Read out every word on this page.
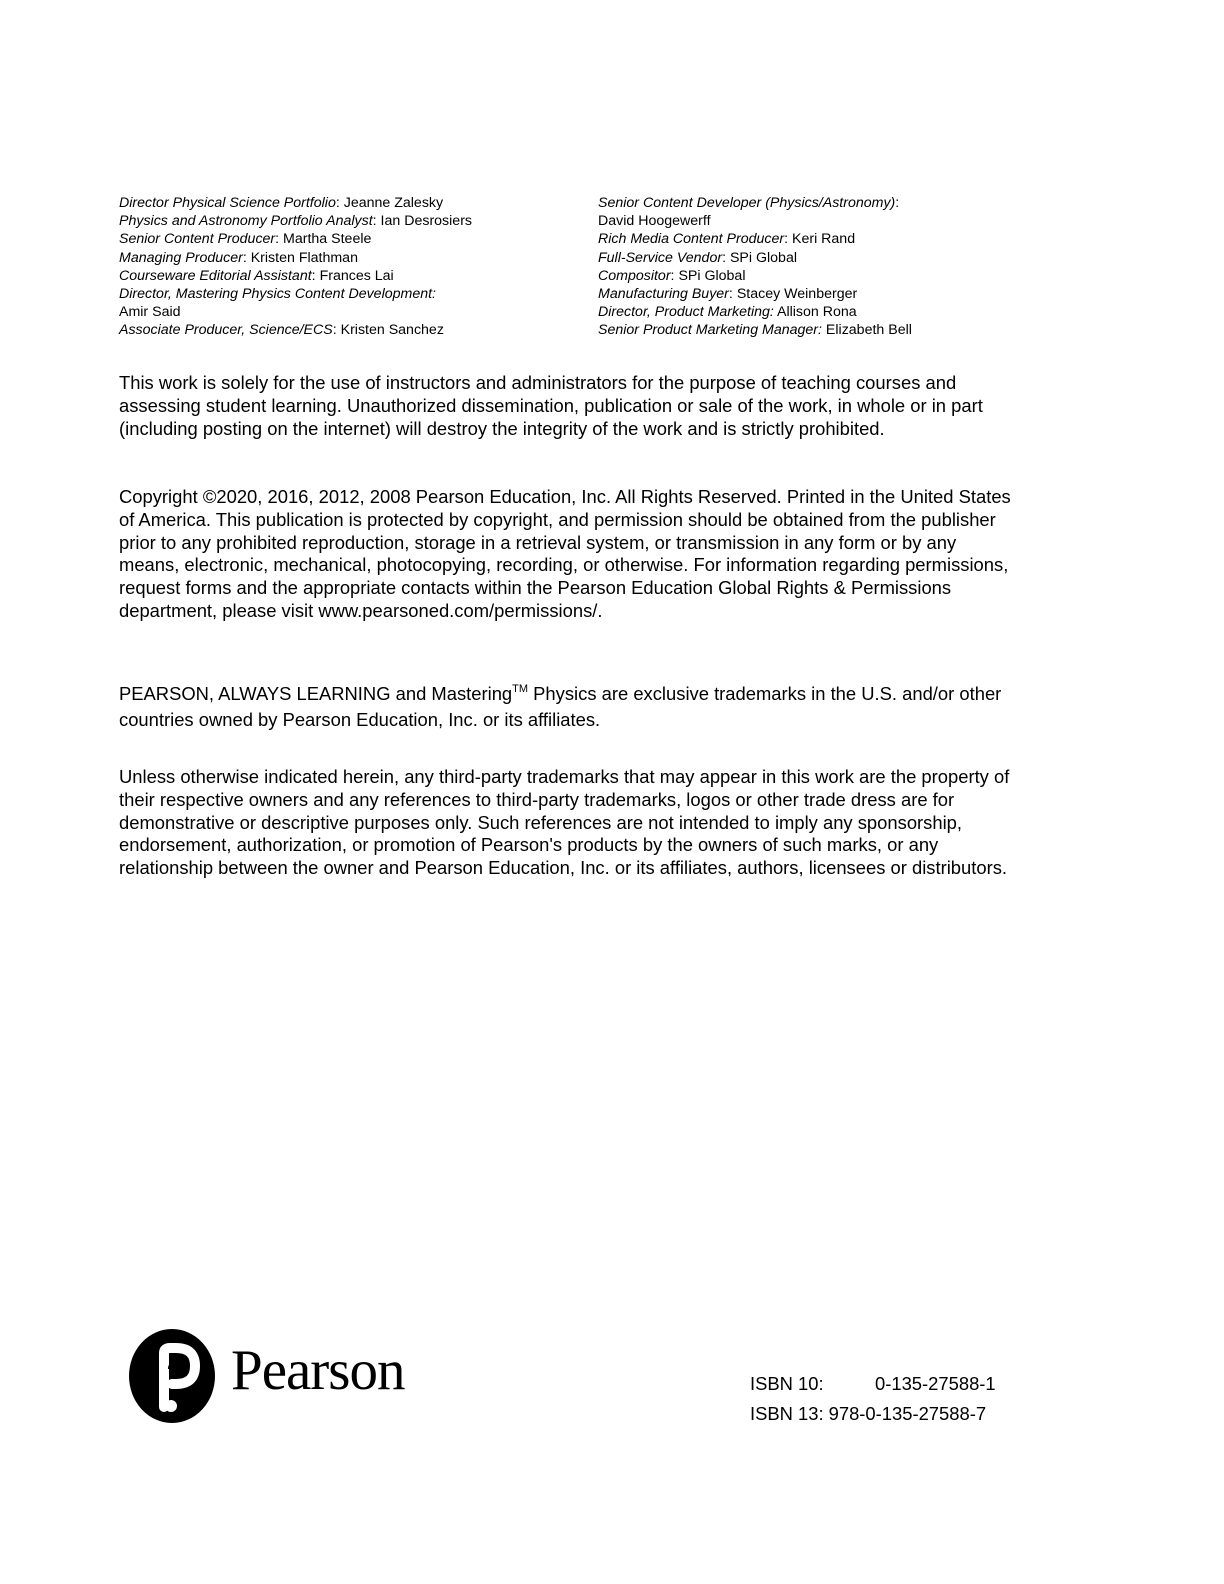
Director Physical Science Portfolio: Jeanne Zalesky
Physics and Astronomy Portfolio Analyst: Ian Desrosiers
Senior Content Producer: Martha Steele
Managing Producer: Kristen Flathman
Courseware Editorial Assistant: Frances Lai
Director, Mastering Physics Content Development:
Amir Said
Associate Producer, Science/ECS: Kristen Sanchez
Senior Content Developer (Physics/Astronomy):
David Hoogewerff
Rich Media Content Producer: Keri Rand
Full-Service Vendor: SPi Global
Compositor: SPi Global
Manufacturing Buyer: Stacey Weinberger
Director, Product Marketing: Allison Rona
Senior Product Marketing Manager: Elizabeth Bell

This work is solely for the use of instructors and administrators for the purpose of teaching courses and assessing student learning. Unauthorized dissemination, publication or sale of the work, in whole or in part (including posting on the internet) will destroy the integrity of the work and is strictly prohibited.

Copyright ©2020, 2016, 2012, 2008 Pearson Education, Inc. All Rights Reserved. Printed in the United States of America. This publication is protected by copyright, and permission should be obtained from the publisher prior to any prohibited reproduction, storage in a retrieval system, or transmission in any form or by any means, electronic, mechanical, photocopying, recording, or otherwise. For information regarding permissions, request forms and the appropriate contacts within the Pearson Education Global Rights & Permissions department, please visit www.pearsoned.com/permissions/.

PEARSON, ALWAYS LEARNING and Mastering™ Physics are exclusive trademarks in the U.S. and/or other countries owned by Pearson Education, Inc. or its affiliates.

Unless otherwise indicated herein, any third-party trademarks that may appear in this work are the property of their respective owners and any references to third-party trademarks, logos or other trade dress are for demonstrative or descriptive purposes only. Such references are not intended to imply any sponsorship, endorsement, authorization, or promotion of Pearson's products by the owners of such marks, or any relationship between the owner and Pearson Education, Inc. or its affiliates, authors, licensees or distributors.

Pearson	ISBN 10:	0-135-27588-1
ISBN 13: 978-0-135-27588-7
